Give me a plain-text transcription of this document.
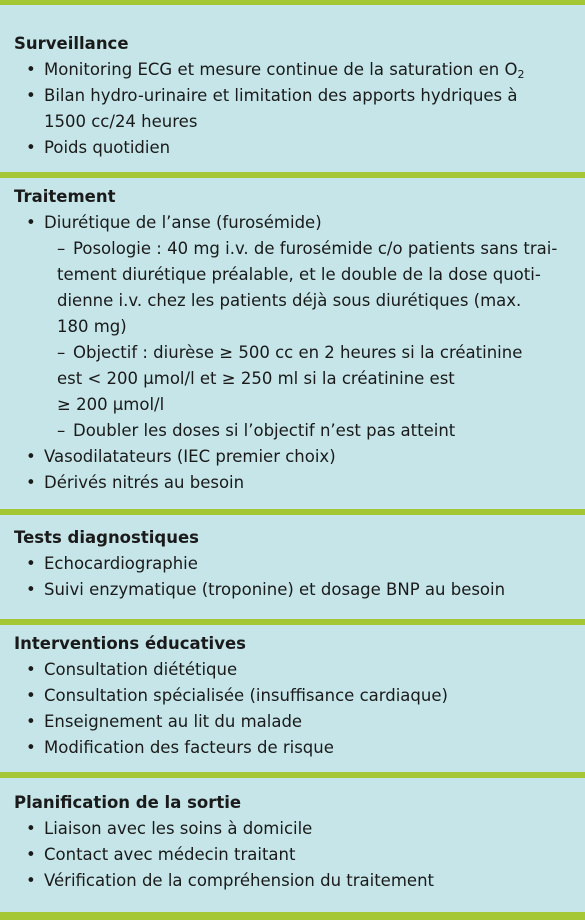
Surveillance
• Monitoring ECG et mesure continue de la saturation en $O_2$
• Bilan hydro-urinaire et limitation des apports hydriques à
1500 cc/24 heures
• Poids quotidien
Traitement
• Diurétique de l’anse (furosémide)
– Posologie : 40 mg i.v. de furosémide c/o patients sans trai-
tement diurétique préalable, et le double de la dose quoti-
dienne i.v. chez les patients déjà sous diurétiques (max.
180 mg)
– Objectif : diurèse ≥ 500 cc en 2 heures si la créatinine
est < 200 µmol/l et ≥ 250 ml si la créatinine est
≥ 200 µmol/l
– Doubler les doses si l’objectif n’est pas atteint
• Vasodilatateurs (IEC premier choix)
• Dérivés nitrés au besoin
Tests diagnostiques
• Echocardiographie
• Suivi enzymatique (troponine) et dosage BNP au besoin
Interventions éducatives
• Consultation diététique
• Consultation spécialisée (insuffisance cardiaque)
• Enseignement au lit du malade
• Modification des facteurs de risque
Planification de la sortie
• Liaison avec les soins à domicile
• Contact avec médecin traitant
• Vérification de la compréhension du traitement
